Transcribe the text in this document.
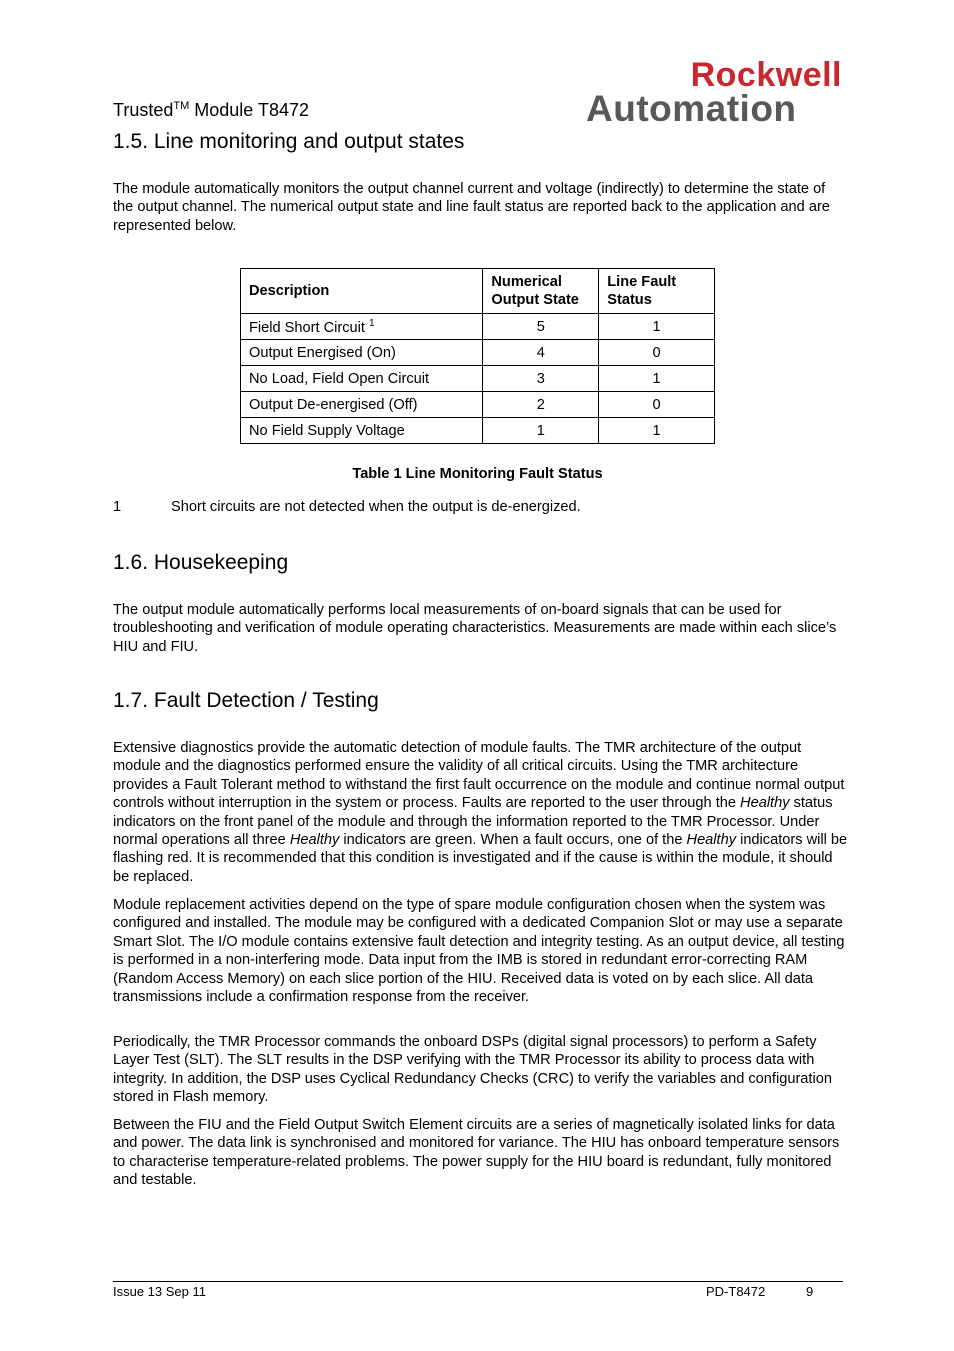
Rockwell
Automation
Trusted™ Module T8472
1.5. Line monitoring and output states

The module automatically monitors the output channel current and voltage (indirectly) to determine the state of the output channel. The numerical output state and line fault status are reported back to the application and are represented below.

Description	Numerical Output State	Line Fault Status
Field Short Circuit $^1$	5	1
Output Energised (On)	4	0
No Load, Field Open Circuit	3	1
Output De-energised (Off)	2	0
No Field Supply Voltage	1	1
Table 1 Line Monitoring Fault Status
1	Short circuits are not detected when the output is de-energized.
1.6. Housekeeping

The output module automatically performs local measurements of on-board signals that can be used for troubleshooting and verification of module operating characteristics. Measurements are made within each slice’s HIU and FIU.

1.7. Fault Detection / Testing

Extensive diagnostics provide the automatic detection of module faults. The TMR architecture of the output module and the diagnostics performed ensure the validity of all critical circuits. Using the TMR architecture provides a Fault Tolerant method to withstand the first fault occurrence on the module and continue normal output controls without interruption in the system or process. Faults are reported to the user through the Healthy status indicators on the front panel of the module and through the information reported to the TMR Processor. Under normal operations all three Healthy indicators are green. When a fault occurs, one of the Healthy indicators will be flashing red. It is recommended that this condition is investigated and if the cause is within the module, it should be replaced.

Module replacement activities depend on the type of spare module configuration chosen when the system was configured and installed. The module may be configured with a dedicated Companion Slot or may use a separate Smart Slot. The I/O module contains extensive fault detection and integrity testing. As an output device, all testing is performed in a non-interfering mode. Data input from the IMB is stored in redundant error-correcting RAM (Random Access Memory) on each slice portion of the HIU. Received data is voted on by each slice. All data transmissions include a confirmation response from the receiver.

Periodically, the TMR Processor commands the onboard DSPs (digital signal processors) to perform a Safety Layer Test (SLT). The SLT results in the DSP verifying with the TMR Processor its ability to process data with integrity. In addition, the DSP uses Cyclical Redundancy Checks (CRC) to verify the variables and configuration stored in Flash memory.

Between the FIU and the Field Output Switch Element circuits are a series of magnetically isolated links for data and power. The data link is synchronised and monitored for variance. The HIU has onboard temperature sensors to characterise temperature-related problems. The power supply for the HIU board is redundant, fully monitored and testable.

Issue 13 Sep 11	PD-T8472	9
